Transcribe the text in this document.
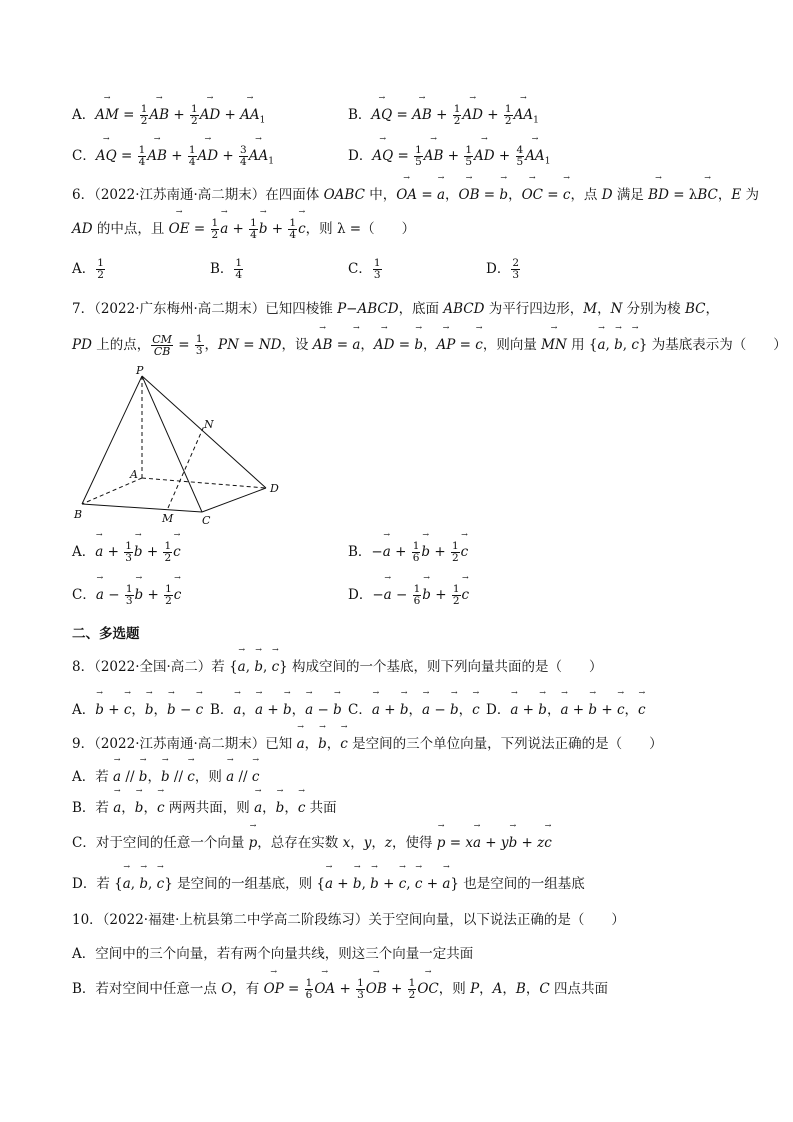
A．→ AM = $\frac{1}{2}$
→ AB + $\frac{1}{2}$
→ AD + → $AA_1$	B．→ AQ = → AB + $\frac{1}{2}$
→ AD + $\frac{1}{2}$
→ $AA_1$
C．→ AQ = $\frac{1}{4}$
→ AB + $\frac{1}{4}$
→ AD + $\frac{3}{4}$
→ $AA_1$	D．→ AQ = $\frac{1}{5}$
→ AB + $\frac{1}{5}$
→ AD + $\frac{4}{5}$
→ $AA_1$
6．（2022·江苏南通·高二期末）在四面体 OABC 中，→ OA = → a，→ OB = → b，→ OC = → c，点 D 满足 → BD = λ→ BC，E 为
AD 的中点，且 → OE = $\frac{1}{2}$
→ $a + \frac{1}{4}$
→ $b + \frac{1}{4}$
→ c，则 λ =（　　）
A． $\frac{1}{2}$	B． $\frac{1}{4}$	C． $\frac{1}{3}$	D． $\frac{2}{3}$
7．（2022·广东梅州·高二期末）已知四棱锥 P−ABCD，底面 ABCD 为平行四边形，M，N 分别为棱 BC，
PD 上的点， $\frac{CM}{CB} = \frac{1}{3}$ ，PN = ND，设 → AB = → a，→ AD = → b，→ AP = → c，则向量 → MN 用 {→ a, → b, → c} 为基底表示为（　　）
P
A
B	C
D
M
N
A．→ $a + \frac{1}{3}$
→ $b + \frac{1}{2}$
→ c	B．−→ $a + \frac{1}{6}$
→ $b + \frac{1}{2}$
→ c
C．→ $a - \frac{1}{3}$
→ $b + \frac{1}{2}$
→ c	D．−→ $a - \frac{1}{6}$
→ $b + \frac{1}{2}$
→ c
二、多选题
8．（2022·全国·高二）若 {→ a, → b, → c} 构成空间的一个基底，则下列向量共面的是（　　）
A．→ b + → c，→ b，→ b − → c B．→ a，→ a + → b，→ a − → b C．→ a + → b，→ a − → b，→ c D．→ a + → b，→ a + → b + → c，→ c
9．（2022·江苏南通·高二期末）已知 → a，→ b，→ c 是空间的三个单位向量，下列说法正确的是（　　）
A．若 → a // → b，→ b // → c，则 → a // → c
B．若 → a，→ b，→ c 两两共面，则 → a，→ b，→ c 共面
C．对于空间的任意一个向量 → p，总存在实数 x，y，z，使得 → p = x→ a + y→ b + z→ c
D．若 {→ a, → b, → c} 是空间的一组基底，则 {→ a + → b, → b + → c, → c + → a} 也是空间的一组基底
10．（2022·福建·上杭县第二中学高二阶段练习）关于空间向量，以下说法正确的是（　　）
A．空间中的三个向量，若有两个向量共线，则这三个向量一定共面
B．若对空间中任意一点 O，有 → OP = $\frac{1}{6}$
→ OA + $\frac{1}{3}$
→ OB + $\frac{1}{2}$
→ OC，则 P，A，B，C 四点共面
